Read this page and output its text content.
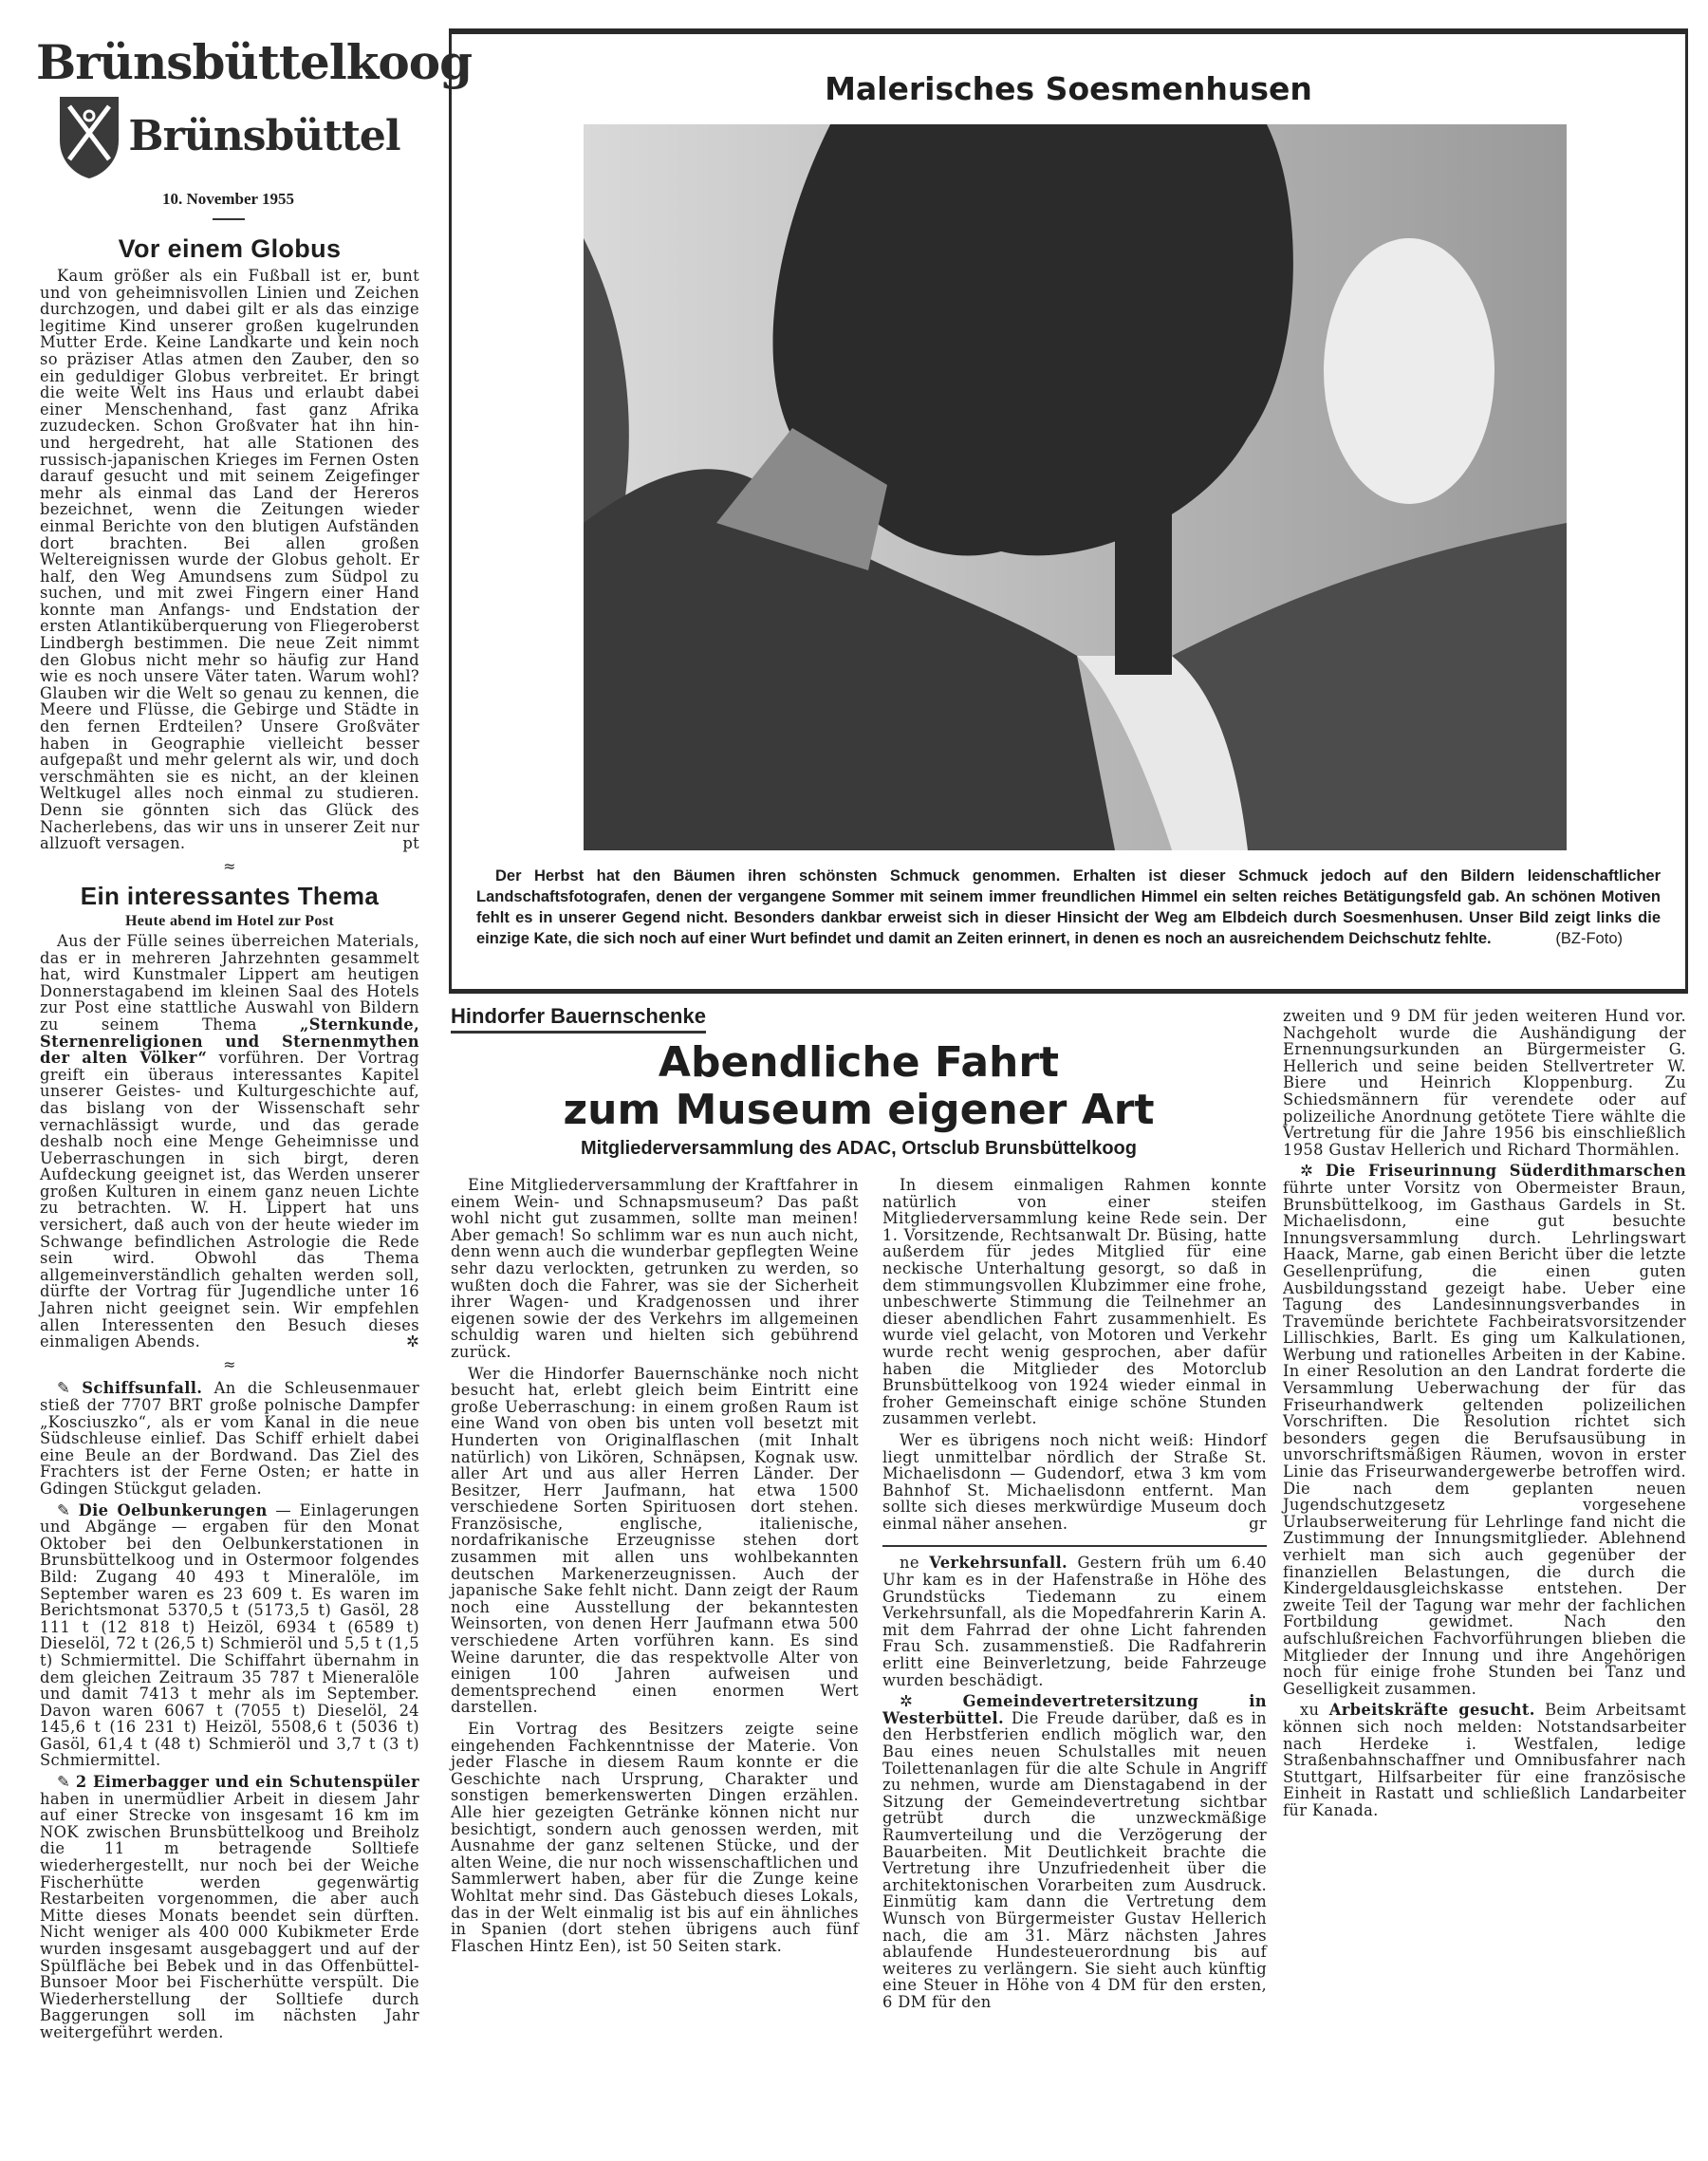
Brünsbüttelkoog
Brünsbüttel
10. November 1955
Vor einem Globus

Kaum größer als ein Fußball ist er, bunt und von geheimnisvollen Linien und Zeichen durchzogen, und dabei gilt er als das einzige legitime Kind unserer großen kugelrunden Mutter Erde. Keine Landkarte und kein noch so präziser Atlas atmen den Zauber, den so ein geduldiger Globus verbreitet. Er bringt die weite Welt ins Haus und erlaubt dabei einer Menschenhand, fast ganz Afrika zuzudecken. Schon Großvater hat ihn hin- und hergedreht, hat alle Stationen des russisch-japanischen Krieges im Fernen Osten darauf gesucht und mit seinem Zeigefinger mehr als einmal das Land der Hereros bezeichnet, wenn die Zeitungen wieder einmal Berichte von den blutigen Aufständen dort brachten. Bei allen großen Weltereignissen wurde der Globus geholt. Er half, den Weg Amundsens zum Südpol zu suchen, und mit zwei Fingern einer Hand konnte man Anfangs- und Endstation der ersten Atlantiküberquerung von Fliegeroberst Lindbergh bestimmen. Die neue Zeit nimmt den Globus nicht mehr so häufig zur Hand wie es noch unsere Väter taten. Warum wohl? Glauben wir die Welt so genau zu kennen, die Meere und Flüsse, die Gebirge und Städte in den fernen Erdteilen? Unsere Großväter haben in Geographie vielleicht besser aufgepaßt und mehr gelernt als wir, und doch verschmähten sie es nicht, an der kleinen Weltkugel alles noch einmal zu studieren. Denn sie gönnten sich das Glück des Nacherlebens, das wir uns in unserer Zeit nur allzuoft versagen.	pt

≈
Ein interessantes Thema
Heute abend im Hotel zur Post

Aus der Fülle seines überreichen Materials, das er in mehreren Jahrzehnten gesammelt hat, wird Kunstmaler Lippert am heutigen Donnerstagabend im kleinen Saal des Hotels zur Post eine stattliche Auswahl von Bildern zu seinem Thema „Sternkunde, Sternenreligionen und Sternenmythen der alten Völker“ vorführen. Der Vortrag greift ein überaus interessantes Kapitel unserer Geistes- und Kulturgeschichte auf, das bislang von der Wissenschaft sehr vernachlässigt wurde, und das gerade deshalb noch eine Menge Geheimnisse und Ueberraschungen in sich birgt, deren Aufdeckung geeignet ist, das Werden unserer großen Kulturen in einem ganz neuen Lichte zu betrachten. W. H. Lippert hat uns versichert, daß auch von der heute wieder im Schwange befindlichen Astrologie die Rede sein wird. Obwohl das Thema allgemeinverständlich gehalten werden soll, dürfte der Vortrag für Jugendliche unter 16 Jahren nicht geeignet sein. Wir empfehlen allen Interessenten den Besuch dieses einmaligen Abends.	✲

≈

✎ Schiffsunfall. An die Schleusenmauer stieß der 7707 BRT große polnische Dampfer „Kosciuszko“, als er vom Kanal in die neue Südschleuse einlief. Das Schiff erhielt dabei eine Beule an der Bordwand. Das Ziel des Frachters ist der Ferne Osten; er hatte in Gdingen Stückgut geladen.

✎ Die Oelbunkerungen — Einlagerungen und Abgänge — ergaben für den Monat Oktober bei den Oelbunkerstationen in Brunsbüttelkoog und in Ostermoor folgendes Bild: Zugang 40 493 t Mineralöle, im September waren es 23 609 t. Es waren im Berichtsmonat 5370,5 t (5173,5 t) Gasöl, 28 111 t (12 818 t) Heizöl, 6934 t (6589 t) Dieselöl, 72 t (26,5 t) Schmieröl und 5,5 t (1,5 t) Schmiermittel. Die Schiffahrt übernahm in dem gleichen Zeitraum 35 787 t Mieneralöle und damit 7413 t mehr als im September. Davon waren 6067 t (7055 t) Dieselöl, 24 145,6 t (16 231 t) Heizöl, 5508,6 t (5036 t) Gasöl, 61,4 t (48 t) Schmieröl und 3,7 t (3 t) Schmiermittel.

✎ 2 Eimerbagger und ein Schutenspüler haben in unermüdlier Arbeit in diesem Jahr auf einer Strecke von insgesamt 16 km im NOK zwischen Brunsbüttelkoog und Breiholz die 11 m betragende Solltiefe wiederhergestellt, nur noch bei der Weiche Fischerhütte werden gegenwärtig Restarbeiten vorgenommen, die aber auch Mitte dieses Monats beendet sein dürften. Nicht weniger als 400 000 Kubikmeter Erde wurden insgesamt ausgebaggert und auf der Spülfläche bei Bebek und in das Offenbüttel-Bunsoer Moor bei Fischerhütte verspült. Die Wiederherstellung der Solltiefe durch Baggerungen soll im nächsten Jahr weitergeführt werden.

Malerisches Soesmenhusen
Der Herbst hat den Bäumen ihren schönsten Schmuck genommen. Erhalten ist dieser Schmuck jedoch auf den Bildern leidenschaftlicher Landschaftsfotografen, denen der vergangene Sommer mit seinem immer freundlichen Himmel ein selten reiches Betätigungsfeld gab. An schönen Motiven fehlt es in unserer Gegend nicht. Besonders dankbar erweist sich in dieser Hinsicht der Weg am Elbdeich durch Soesmenhusen. Unser Bild zeigt links die einzige Kate, die sich noch auf einer Wurt befindet und damit an Zeiten erinnert, in denen es noch an ausreichendem Deichschutz fehlte.	(BZ-Foto)
Hindorfer Bauernschenke
Abendliche Fahrt
zum Museum eigener Art
Mitgliederversammlung des ADAC, Ortsclub Brunsbüttelkoog

Eine Mitgliederversammlung der Kraftfahrer in einem Wein- und Schnapsmuseum? Das paßt wohl nicht gut zusammen, sollte man meinen! Aber gemach! So schlimm war es nun auch nicht, denn wenn auch die wunderbar gepflegten Weine sehr dazu verlockten, getrunken zu werden, so wußten doch die Fahrer, was sie der Sicherheit ihrer Wagen- und Kradgenossen und ihrer eigenen sowie der des Verkehrs im allgemeinen schuldig waren und hielten sich gebührend zurück.

Wer die Hindorfer Bauernschänke noch nicht besucht hat, erlebt gleich beim Eintritt eine große Ueberraschung: in einem großen Raum ist eine Wand von oben bis unten voll besetzt mit Hunderten von Originalflaschen (mit Inhalt natürlich) von Likören, Schnäpsen, Kognak usw. aller Art und aus aller Herren Länder. Der Besitzer, Herr Jaufmann, hat etwa 1500 verschiedene Sorten Spirituosen dort stehen. Französische, englische, italienische, nordafrikanische Erzeugnisse stehen dort zusammen mit allen uns wohlbekannten deutschen Markenerzeugnissen. Auch der japanische Sake fehlt nicht. Dann zeigt der Raum noch eine Ausstellung der bekanntesten Weinsorten, von denen Herr Jaufmann etwa 500 verschiedene Arten vorführen kann. Es sind Weine darunter, die das respektvolle Alter von einigen 100 Jahren aufweisen und dementsprechend einen enormen Wert darstellen.

Ein Vortrag des Besitzers zeigte seine eingehenden Fachkenntnisse der Materie. Von jeder Flasche in diesem Raum konnte er die Geschichte nach Ursprung, Charakter und sonstigen bemerkenswerten Dingen erzählen. Alle hier gezeigten Getränke können nicht nur besichtigt, sondern auch genossen werden, mit Ausnahme der ganz seltenen Stücke, und der alten Weine, die nur noch wissenschaftlichen und Sammlerwert haben, aber für die Zunge keine Wohltat mehr sind. Das Gästebuch dieses Lokals, das in der Welt einmalig ist bis auf ein ähnliches in Spanien (dort stehen übrigens auch fünf Flaschen Hintz Een), ist 50 Seiten stark.

In diesem einmaligen Rahmen konnte natürlich von einer steifen Mitgliederversammlung keine Rede sein. Der 1. Vorsitzende, Rechtsanwalt Dr. Büsing, hatte außerdem für jedes Mitglied für eine neckische Unterhaltung gesorgt, so daß in dem stimmungsvollen Klubzimmer eine frohe, unbeschwerte Stimmung die Teilnehmer an dieser abendlichen Fahrt zusammenhielt. Es wurde viel gelacht, von Motoren und Verkehr wurde recht wenig gesprochen, aber dafür haben die Mitglieder des Motorclub Brunsbüttelkoog von 1924 wieder einmal in froher Gemeinschaft einige schöne Stunden zusammen verlebt.

Wer es übrigens noch nicht weiß: Hindorf liegt unmittelbar nördlich der Straße St. Michaelisdonn — Gudendorf, etwa 3 km vom Bahnhof St. Michaelisdonn entfernt. Man sollte sich dieses merkwürdige Museum doch einmal näher ansehen.	gr

ne Verkehrsunfall. Gestern früh um 6.40 Uhr kam es in der Hafenstraße in Höhe des Grundstücks Tiedemann zu einem Verkehrsunfall, als die Mopedfahrerin Karin A. mit dem Fahrrad der ohne Licht fahrenden Frau Sch. zusammenstieß. Die Radfahrerin erlitt eine Beinverletzung, beide Fahrzeuge wurden beschädigt.

✲	Gemeindevertretersitzung in Westerbüttel. Die Freude darüber, daß es in den Herbstferien endlich möglich war, den Bau eines neuen Schulstalles mit neuen Toilettenanlagen für die alte Schule in Angriff zu nehmen, wurde am Dienstagabend in der Sitzung der Gemeindevertretung sichtbar getrübt durch die unzweckmäßige Raumverteilung und die Verzögerung der Bauarbeiten. Mit Deutlichkeit brachte die Vertretung ihre Unzufriedenheit über die architektonischen Vorarbeiten zum Ausdruck. Einmütig kam dann die Vertretung dem Wunsch von Bürgermeister Gustav Hellerich nach, die am 31. März nächsten Jahres ablaufende Hundesteuerordnung bis auf weiteres zu verlängern. Sie sieht auch künftig eine Steuer in Höhe von 4 DM für den ersten, 6 DM für den

zweiten und 9 DM für jeden weiteren Hund vor. Nachgeholt wurde die Aushändigung der Ernennungsurkunden an Bürgermeister G. Hellerich und seine beiden Stellvertreter W. Biere und Heinrich Kloppenburg. Zu Schiedsmännern für verendete oder auf polizeiliche Anordnung getötete Tiere wählte die Vertretung für die Jahre 1956 bis einschließlich 1958 Gustav Hellerich und Richard Thormählen.

✲ Die Friseurinnung Süderdithmarschen führte unter Vorsitz von Obermeister Braun, Brunsbüttelkoog, im Gasthaus Gardels in St. Michaelisdonn, eine gut besuchte Innungsversammlung durch. Lehrlingswart Haack, Marne, gab einen Bericht über die letzte Gesellenprüfung, die einen guten Ausbildungsstand gezeigt habe. Ueber eine Tagung des Landesinnungsverbandes in Travemünde berichtete Fachbeiratsvorsitzender Lillischkies, Barlt. Es ging um Kalkulationen, Werbung und rationelles Arbeiten in der Kabine. In einer Resolution an den Landrat forderte die Versammlung Ueberwachung der für das Friseurhandwerk geltenden polizeilichen Vorschriften. Die Resolution richtet sich besonders gegen die Berufsausübung in unvorschriftsmäßigen Räumen, wovon in erster Linie das Friseurwandergewerbe betroffen wird. Die nach dem geplanten neuen Jugendschutzgesetz vorgesehene Urlaubserweiterung für Lehrlinge fand nicht die Zustimmung der Innungsmitglieder. Ablehnend verhielt man sich auch gegenüber der finanziellen Belastungen, die durch die Kindergeldausgleichskasse entstehen. Der zweite Teil der Tagung war mehr der fachlichen Fortbildung gewidmet. Nach den aufschlußreichen Fachvorführungen blieben die Mitglieder der Innung und ihre Angehörigen noch für einige frohe Stunden bei Tanz und Geselligkeit zusammen.

xu Arbeitskräfte gesucht. Beim Arbeitsamt können sich noch melden: Notstandsarbeiter nach Herdeke i. Westfalen, ledige Straßenbahnschaffner und Omnibusfahrer nach Stuttgart, Hilfsarbeiter für eine französische Einheit in Rastatt und schließlich Landarbeiter für Kanada.
